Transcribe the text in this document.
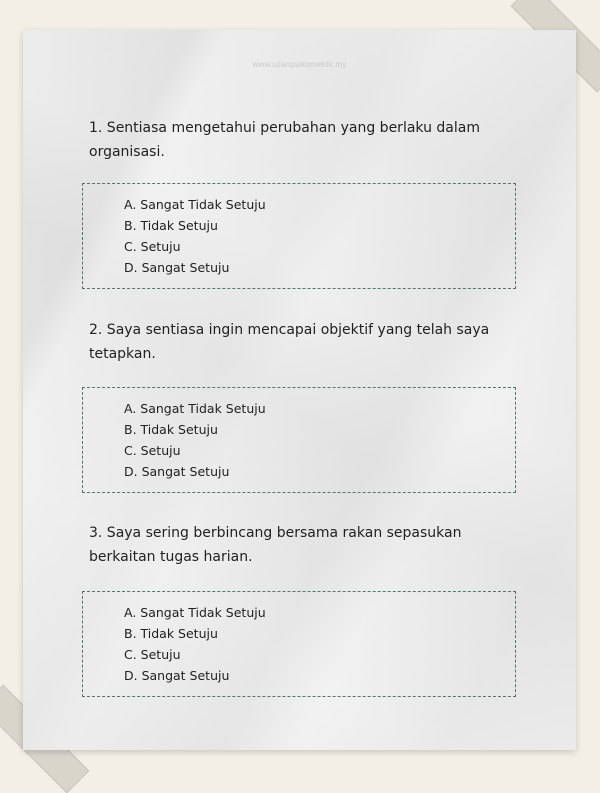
www.ujianpsikometrik.my
1. Sentiasa mengetahui perubahan yang berlaku dalam organisasi.
A. Sangat Tidak Setuju
B. Tidak Setuju
C. Setuju
D. Sangat Setuju
2. Saya sentiasa ingin mencapai objektif yang telah saya tetapkan.
A. Sangat Tidak Setuju
B. Tidak Setuju
C. Setuju
D. Sangat Setuju
3. Saya sering berbincang bersama rakan sepasukan berkaitan tugas harian.
A. Sangat Tidak Setuju
B. Tidak Setuju
C. Setuju
D. Sangat Setuju
